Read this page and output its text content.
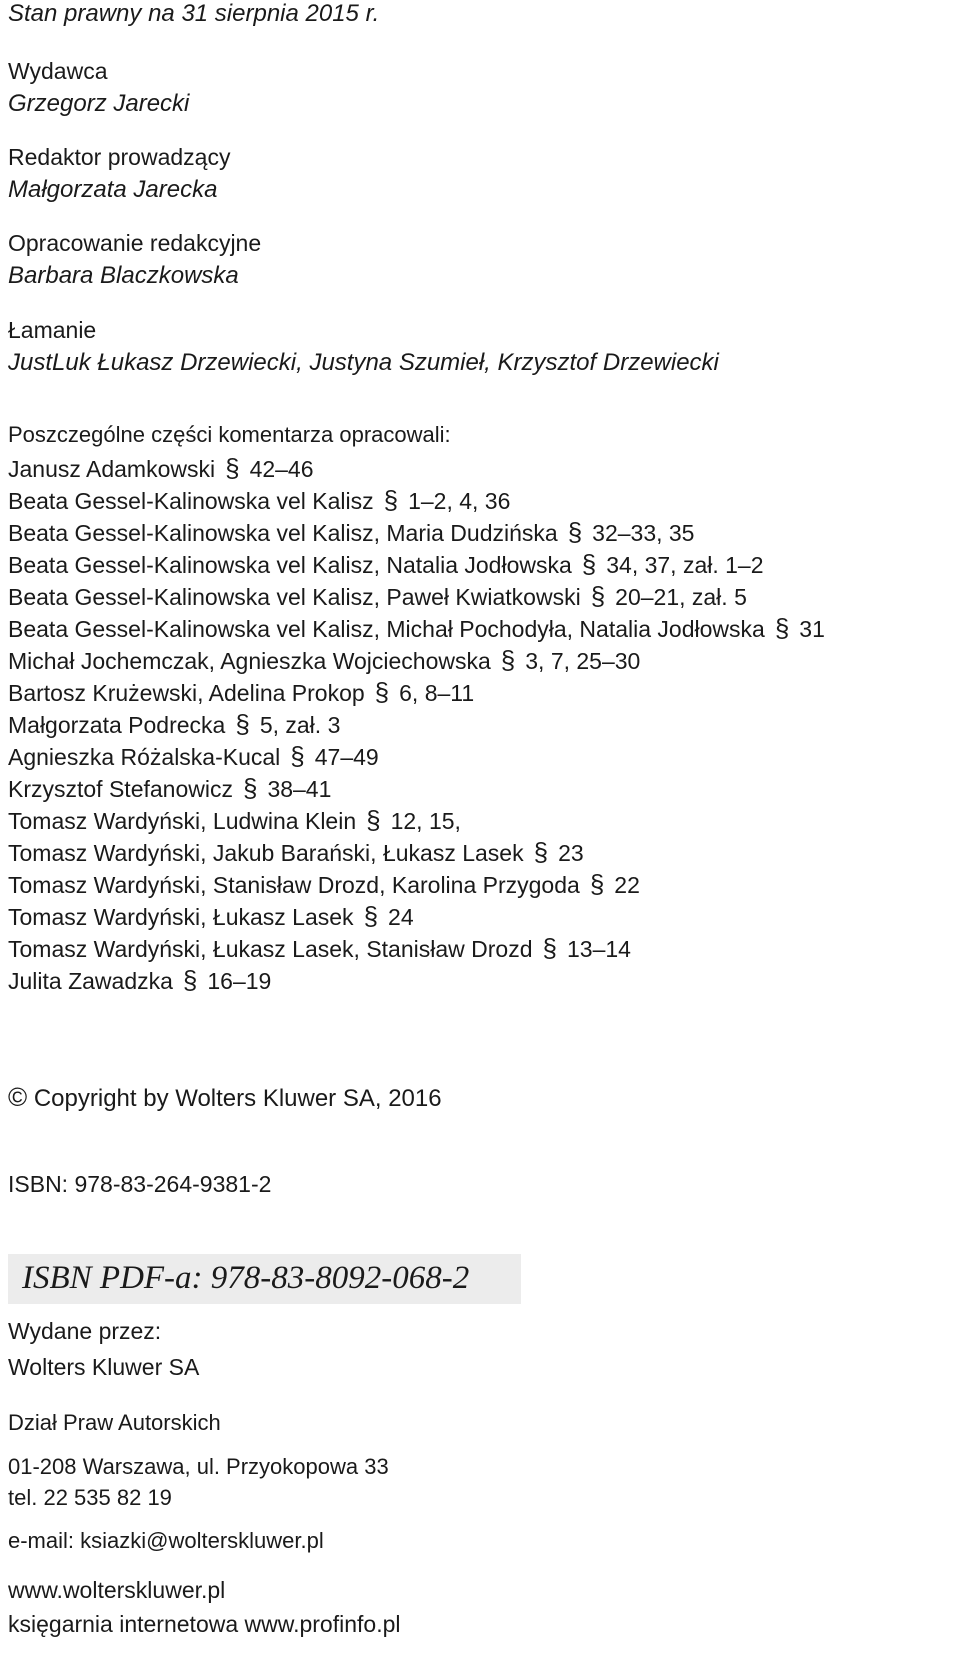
Stan prawny na 31 sierpnia 2015 r.
Wydawca
Grzegorz Jarecki
Redaktor prowadzący
Małgorzata Jarecka
Opracowanie redakcyjne
Barbara Blaczkowska
Łamanie
JustLuk Łukasz Drzewiecki, Justyna Szumieł, Krzysztof Drzewiecki
Poszczególne części komentarza opracowali:
Janusz Adamkowski § 42–46
Beata Gessel-Kalinowska vel Kalisz § 1–2, 4, 36
Beata Gessel-Kalinowska vel Kalisz, Maria Dudzińska § 32–33, 35
Beata Gessel-Kalinowska vel Kalisz, Natalia Jodłowska § 34, 37, zał. 1–2
Beata Gessel-Kalinowska vel Kalisz, Paweł Kwiatkowski § 20–21, zał. 5
Beata Gessel-Kalinowska vel Kalisz, Michał Pochodyła, Natalia Jodłowska § 31
Michał Jochemczak, Agnieszka Wojciechowska § 3, 7, 25–30
Bartosz Krużewski, Adelina Prokop § 6, 8–11
Małgorzata Podrecka § 5, zał. 3
Agnieszka Różalska-Kucal § 47–49
Krzysztof Stefanowicz § 38–41
Tomasz Wardyński, Ludwina Klein § 12, 15,
Tomasz Wardyński, Jakub Barański, Łukasz Lasek § 23
Tomasz Wardyński, Stanisław Drozd, Karolina Przygoda § 22
Tomasz Wardyński, Łukasz Lasek § 24
Tomasz Wardyński, Łukasz Lasek, Stanisław Drozd § 13–14
Julita Zawadzka § 16–19
© Copyright by Wolters Kluwer SA, 2016
ISBN: 978-83-264-9381-2
ISBN PDF-a: 978-83-8092-068-2
Wydane przez:
Wolters Kluwer SA
Dział Praw Autorskich
01-208 Warszawa, ul. Przyokopowa 33
tel. 22 535 82 19
e-mail: ksiazki@wolterskluwer.pl
www.wolterskluwer.pl
księgarnia internetowa www.profinfo.pl
